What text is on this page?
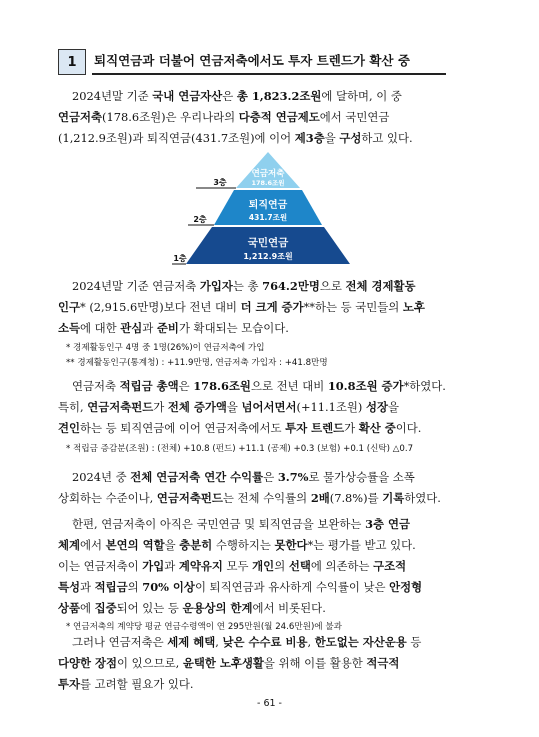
1	퇴직연금과 더불어 연금저축에서도 투자 트렌드가 확산 중

2024년말 기준 국내 연금자산은 총 1,823.2조원에 달하며, 이 중
연금저축(178.6조원)은 우리나라의 다층적 연금제도에서 국민연금
(1,212.9조원)과 퇴직연금(431.7조원)에 이어 제3층을 구성하고 있다.

3층
2층
1층
연금저축
178.6조원
퇴직연금
431.7조원
국민연금
1,212.9조원

2024년말 기준 연금저축 가입자는 총 764.2만명으로 전체 경제활동
인구* (2,915.6만명)보다 전년 대비 더 크게 증가**하는 등 국민들의 노후
소득에 대한 관심과 준비가 확대되는 모습이다.

* 경제활동인구 4명 중 1명(26%)이 연금저축에 가입
** 경제활동인구(통계청) : +11.9만명, 연금저축 가입자 : +41.8만명

연금저축 적립금 총액은 178.6조원으로 전년 대비 10.8조원 증가*하였다.
특히, 연금저축펀드가 전체 증가액을 넘어서면서(+11.1조원) 성장을
견인하는 등 퇴직연금에 이어 연금저축에서도 투자 트렌드가 확산 중이다.

* 적립금 증감분(조원) : (전체) +10.8 (펀드) +11.1 (공제) +0.3 (보험) +0.1 (신탁) △0.7

2024년 중 전체 연금저축 연간 수익률은 3.7%로 물가상승률을 소폭
상회하는 수준이나, 연금저축펀드는 전체 수익률의 2배(7.8%)를 기록하였다.

한편, 연금저축이 아직은 국민연금 및 퇴직연금을 보완하는 3층 연금
체계에서 본연의 역할을 충분히 수행하지는 못한다*는 평가를 받고 있다.
이는 연금저축이 가입과 계약유지 모두 개인의 선택에 의존하는 구조적
특성과 적립금의 70% 이상이 퇴직연금과 유사하게 수익률이 낮은 안정형
상품에 집중되어 있는 등 운용상의 한계에서 비롯된다.

* 연금저축의 계약당 평균 연금수령액이 연 295만원(월 24.6만원)에 불과

그러나 연금저축은 세제 혜택, 낮은 수수료 비용, 한도없는 자산운용 등
다양한 장점이 있으므로, 윤택한 노후생활을 위해 이를 활용한 적극적
투자를 고려할 필요가 있다.

- 61 -
